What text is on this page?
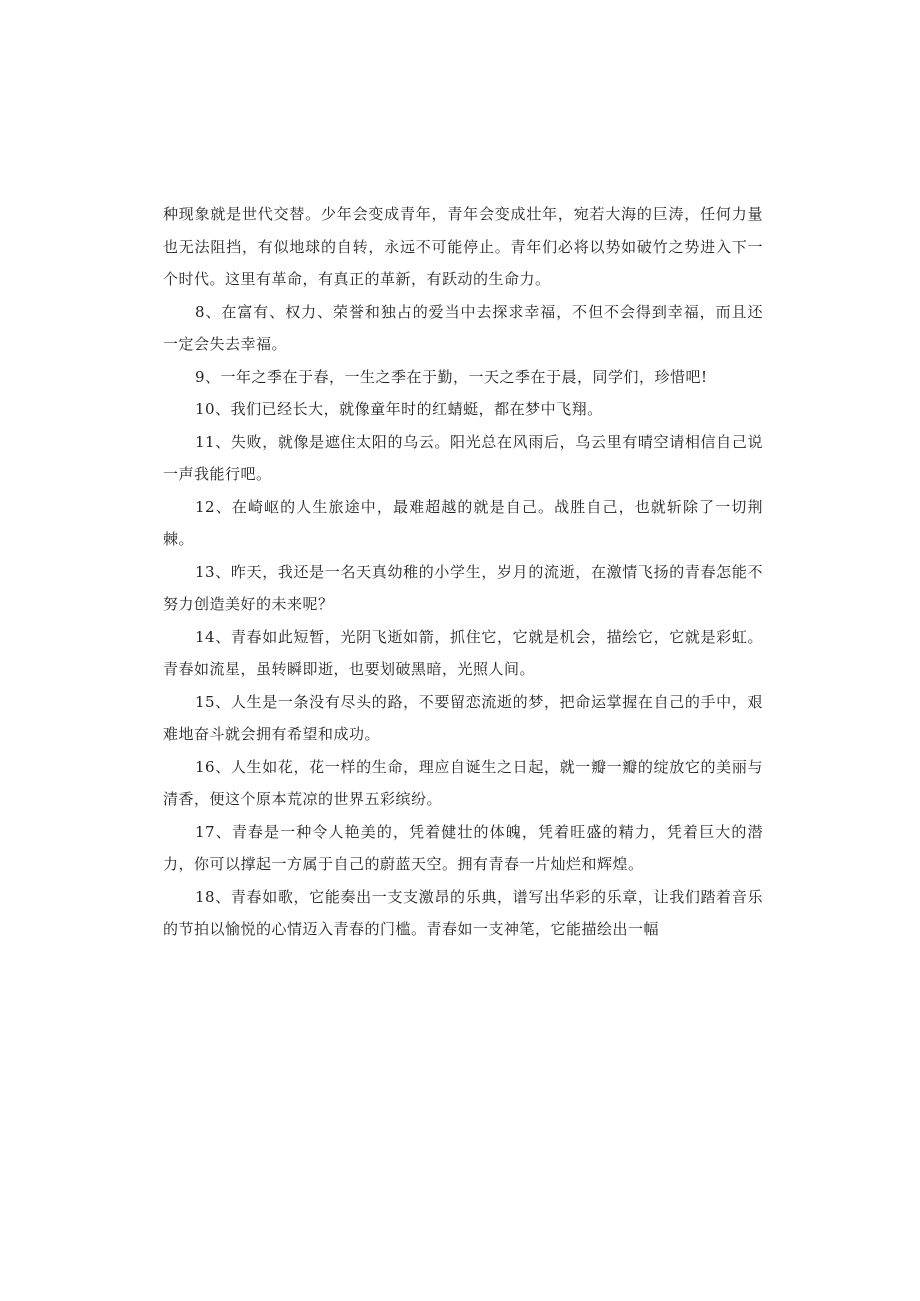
种现象就是世代交替。少年会变成青年，青年会变成壮年，宛若大海的巨涛，任何力量也无法阻挡，有似地球的自转，永远不可能停止。青年们必将以势如破竹之势进入下一个时代。这里有革命，有真正的革新，有跃动的生命力。

8、在富有、权力、荣誉和独占的爱当中去探求幸福，不但不会得到幸福，而且还一定会失去幸福。

9、一年之季在于春，一生之季在于勤，一天之季在于晨，同学们，珍惜吧!

10、我们已经长大，就像童年时的红蜻蜓，都在梦中飞翔。

11、失败，就像是遮住太阳的乌云。阳光总在风雨后，乌云里有晴空请相信自己说一声我能行吧。

12、在崎岖的人生旅途中，最难超越的就是自己。战胜自己，也就斩除了一切荆棘。

13、昨天，我还是一名天真幼稚的小学生，岁月的流逝，在激情飞扬的青春怎能不努力创造美好的未来呢？

14、青春如此短暂，光阴飞逝如箭，抓住它，它就是机会，描绘它，它就是彩虹。青春如流星，虽转瞬即逝，也要划破黑暗，光照人间。

15、人生是一条没有尽头的路，不要留恋流逝的梦，把命运掌握在自己的手中，艰难地奋斗就会拥有希望和成功。

16、人生如花，花一样的生命，理应自诞生之日起，就一瓣一瓣的绽放它的美丽与清香，便这个原本荒凉的世界五彩缤纷。

17、青春是一种令人艳美的，凭着健壮的体魄，凭着旺盛的精力，凭着巨大的潜力，你可以撑起一方属于自己的蔚蓝天空。拥有青春一片灿烂和辉煌。

18、青春如歌，它能奏出一支支激昂的乐典，谱写出华彩的乐章，让我们踏着音乐的节拍以愉悦的心情迈入青春的门槛。青春如一支神笔，它能描绘出一幅
